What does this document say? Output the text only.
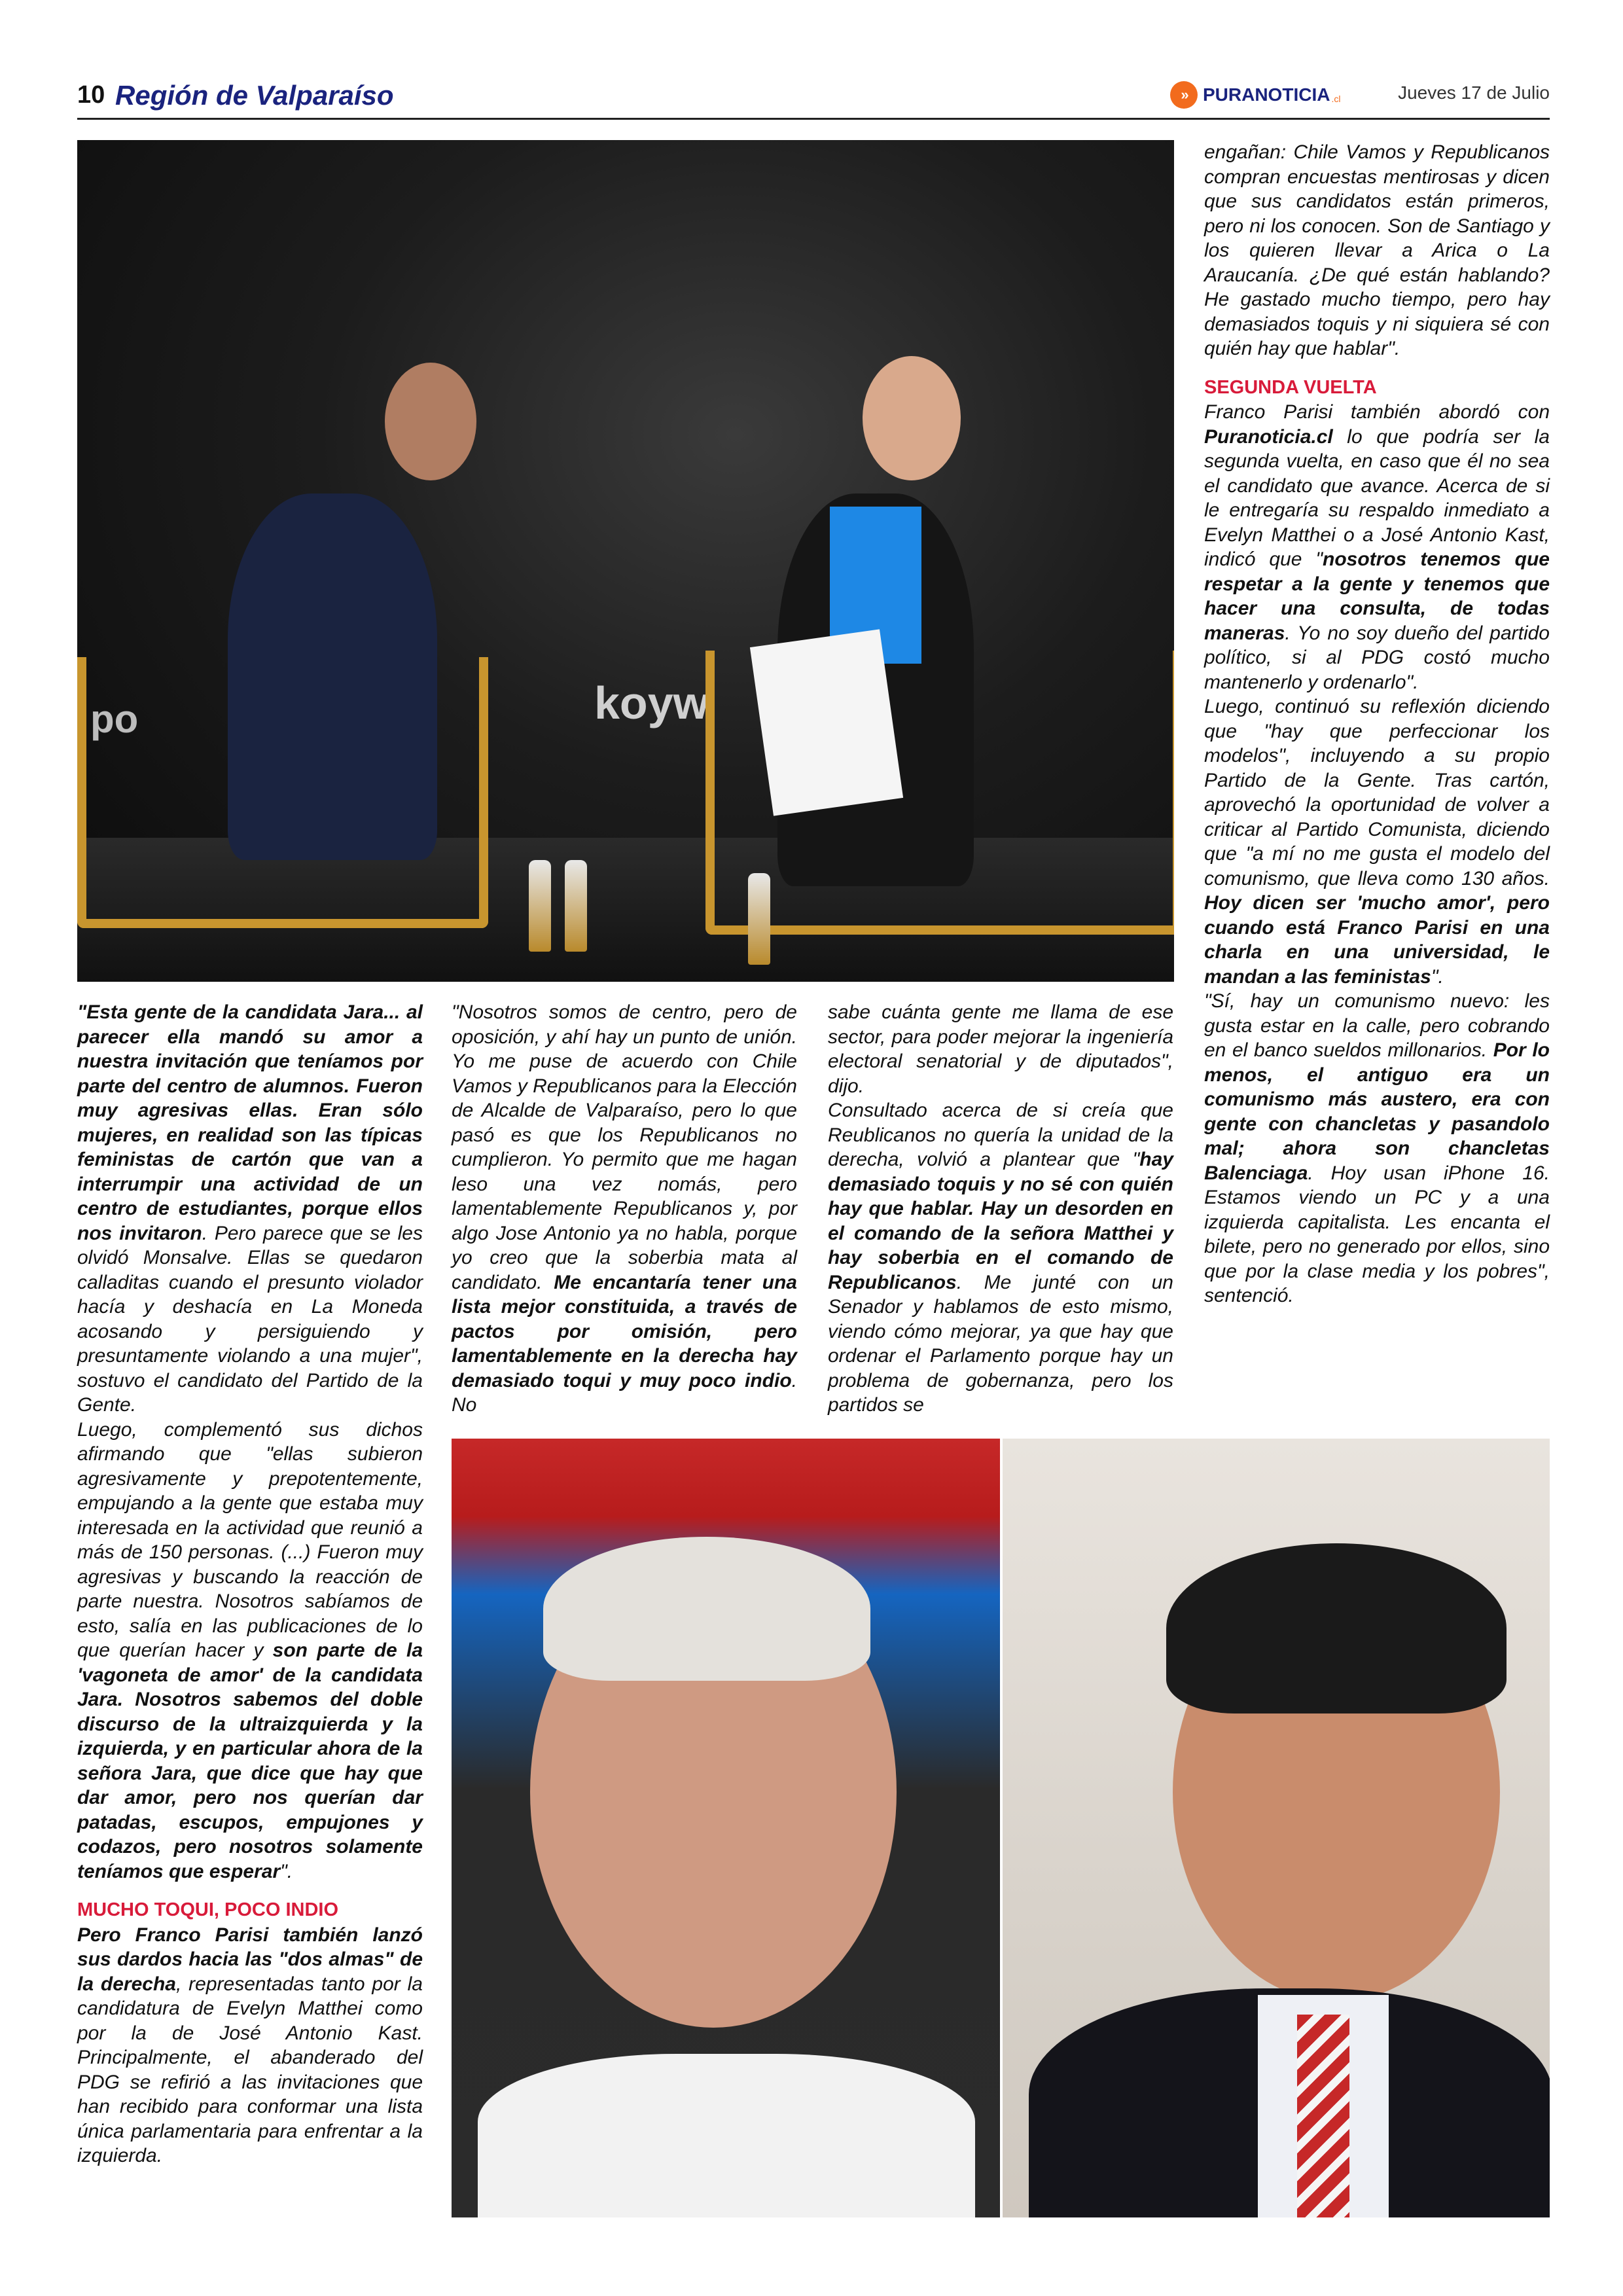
10 Región de Valparaíso	» PURANOTICIA .cl	Jueves 17 de Julio
po	koyw

"Esta gente de la candidata Jara... al parecer ella mandó su amor a nuestra invitación que teníamos por parte del centro de alumnos. Fueron muy agresivas ellas. Eran sólo mujeres, en realidad son las típicas feministas de cartón que van a interrumpir una actividad de un centro de estudiantes, porque ellos nos invitaron. Pero parece que se les olvidó Monsalve. Ellas se quedaron calladitas cuando el presunto violador hacía y deshacía en La Moneda acosando y persiguiendo y presuntamente violando a una mujer", sostuvo el candidato del Partido de la Gente.

Luego, complementó sus dichos afirmando que "ellas subieron agresivamente y prepotentemente, empujando a la gente que estaba muy interesada en la actividad que reunió a más de 150 personas. (...) Fueron muy agresivas y buscando la reacción de parte nuestra. Nosotros sabíamos de esto, salía en las publicaciones de lo que querían hacer y son parte de la 'vagoneta de amor' de la candidata Jara. Nosotros sabemos del doble discurso de la ultraizquierda y la izquierda, y en particular ahora de la señora Jara, que dice que hay que dar amor, pero nos querían dar patadas, escupos, empujones y codazos, pero nosotros solamente teníamos que esperar".

MUCHO TOQUI, POCO INDIO

Pero Franco Parisi también lanzó sus dardos hacia las "dos almas" de la derecha, representadas tanto por la candidatura de Evelyn Matthei como por la de José Antonio Kast. Principalmente, el abanderado del PDG se refirió a las invitaciones que han recibido para conformar una lista única parlamentaria para enfrentar a la izquierda.

"Nosotros somos de centro, pero de oposición, y ahí hay un punto de unión. Yo me puse de acuerdo con Chile Vamos y Republicanos para la Elección de Alcalde de Valparaíso, pero lo que pasó es que los Republicanos no cumplieron. Yo permito que me hagan leso una vez nomás, pero lamentablemente Republicanos y, por algo Jose Antonio ya no habla, porque yo creo que la soberbia mata al candidato. Me encantaría tener una lista mejor constituida, a través de pactos por omisión, pero lamentablemente en la derecha hay demasiado toqui y muy poco indio. No

sabe cuánta gente me llama de ese sector, para poder mejorar la ingeniería electoral senatorial y de diputados", dijo.

Consultado acerca de si creía que Reublicanos no quería la unidad de la derecha, volvió a plantear que "hay demasiado toquis y no sé con quién hay que hablar. Hay un desorden en el comando de la señora Matthei y hay soberbia en el comando de Republicanos. Me junté con un Senador y hablamos de esto mismo, viendo cómo mejorar, ya que hay que ordenar el Parlamento porque hay un problema de gobernanza, pero los partidos se

engañan: Chile Vamos y Republicanos compran encuestas mentirosas y dicen que sus candidatos están primeros, pero ni los conocen. Son de Santiago y los quieren llevar a Arica o La Araucanía. ¿De qué están hablando? He gastado mucho tiempo, pero hay demasiados toquis y ni siquiera sé con quién hay que hablar".

SEGUNDA VUELTA

Franco Parisi también abordó con Puranoticia.cl lo que podría ser la segunda vuelta, en caso que él no sea el candidato que avance. Acerca de si le entregaría su respaldo inmediato a Evelyn Matthei o a José Antonio Kast, indicó que "nosotros tenemos que respetar a la gente y tenemos que hacer una consulta, de todas maneras. Yo no soy dueño del partido político, si al PDG costó mucho mantenerlo y ordenarlo".

Luego, continuó su reflexión diciendo que "hay que perfeccionar los modelos", incluyendo a su propio Partido de la Gente. Tras cartón, aprovechó la oportunidad de volver a criticar al Partido Comunista, diciendo que "a mí no me gusta el modelo del comunismo, que lleva como 130 años. Hoy dicen ser 'mucho amor', pero cuando está Franco Parisi en una charla en una universidad, le mandan a las feministas".

"Sí, hay un comunismo nuevo: les gusta estar en la calle, pero cobrando en el banco sueldos millonarios. Por lo menos, el antiguo era un comunismo más austero, era con gente con chancletas y pasandolo mal; ahora son chancletas Balenciaga. Hoy usan iPhone 16. Estamos viendo un PC y a una izquierda capitalista. Les encanta el bilete, pero no generado por ellos, sino que por la clase media y los pobres", sentenció.
